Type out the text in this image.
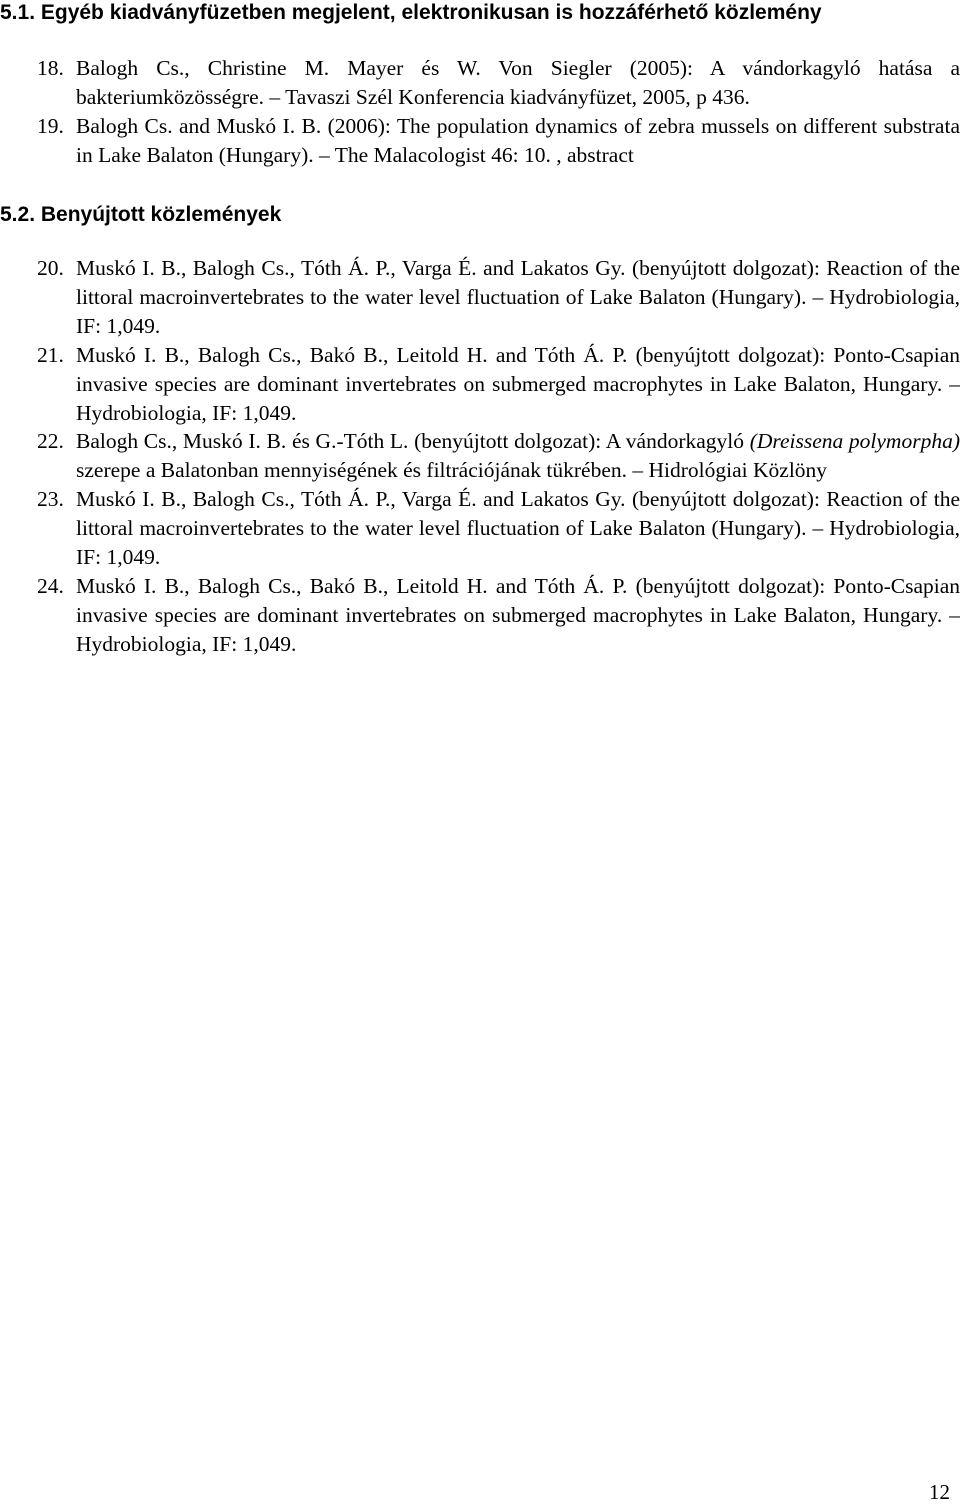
5.1. Egyéb kiadványfüzetben megjelent, elektronikusan is hozzáférhető közlemény
18. Balogh Cs., Christine M. Mayer és W. Von Siegler (2005): A vándorkagyló hatása a bakteriumközösségre. – Tavaszi Szél Konferencia kiadványfüzet, 2005, p 436.
19. Balogh Cs. and Muskó I. B. (2006): The population dynamics of zebra mussels on different substrata in Lake Balaton (Hungary). – The Malacologist 46: 10. , abstract
5.2. Benyújtott közlemények
20. Muskó I. B., Balogh Cs., Tóth Á. P., Varga É. and Lakatos Gy. (benyújtott dolgozat): Reaction of the littoral macroinvertebrates to the water level fluctuation of Lake Balaton (Hungary). – Hydrobiologia, IF: 1,049.
21. Muskó I. B., Balogh Cs., Bakó B., Leitold H. and Tóth Á. P. (benyújtott dolgozat): Ponto-Csapian invasive species are dominant invertebrates on submerged macrophytes in Lake Balaton, Hungary. – Hydrobiologia, IF: 1,049.
22. Balogh Cs., Muskó I. B. és G.-Tóth L. (benyújtott dolgozat): A vándorkagyló (Dreissena polymorpha) szerepe a Balatonban mennyiségének és filtrációjának tükrében. – Hidrológiai Közlöny
23. Muskó I. B., Balogh Cs., Tóth Á. P., Varga É. and Lakatos Gy. (benyújtott dolgozat): Reaction of the littoral macroinvertebrates to the water level fluctuation of Lake Balaton (Hungary). – Hydrobiologia, IF: 1,049.
24. Muskó I. B., Balogh Cs., Bakó B., Leitold H. and Tóth Á. P. (benyújtott dolgozat): Ponto-Csapian invasive species are dominant invertebrates on submerged macrophytes in Lake Balaton, Hungary. – Hydrobiologia, IF: 1,049.
12
